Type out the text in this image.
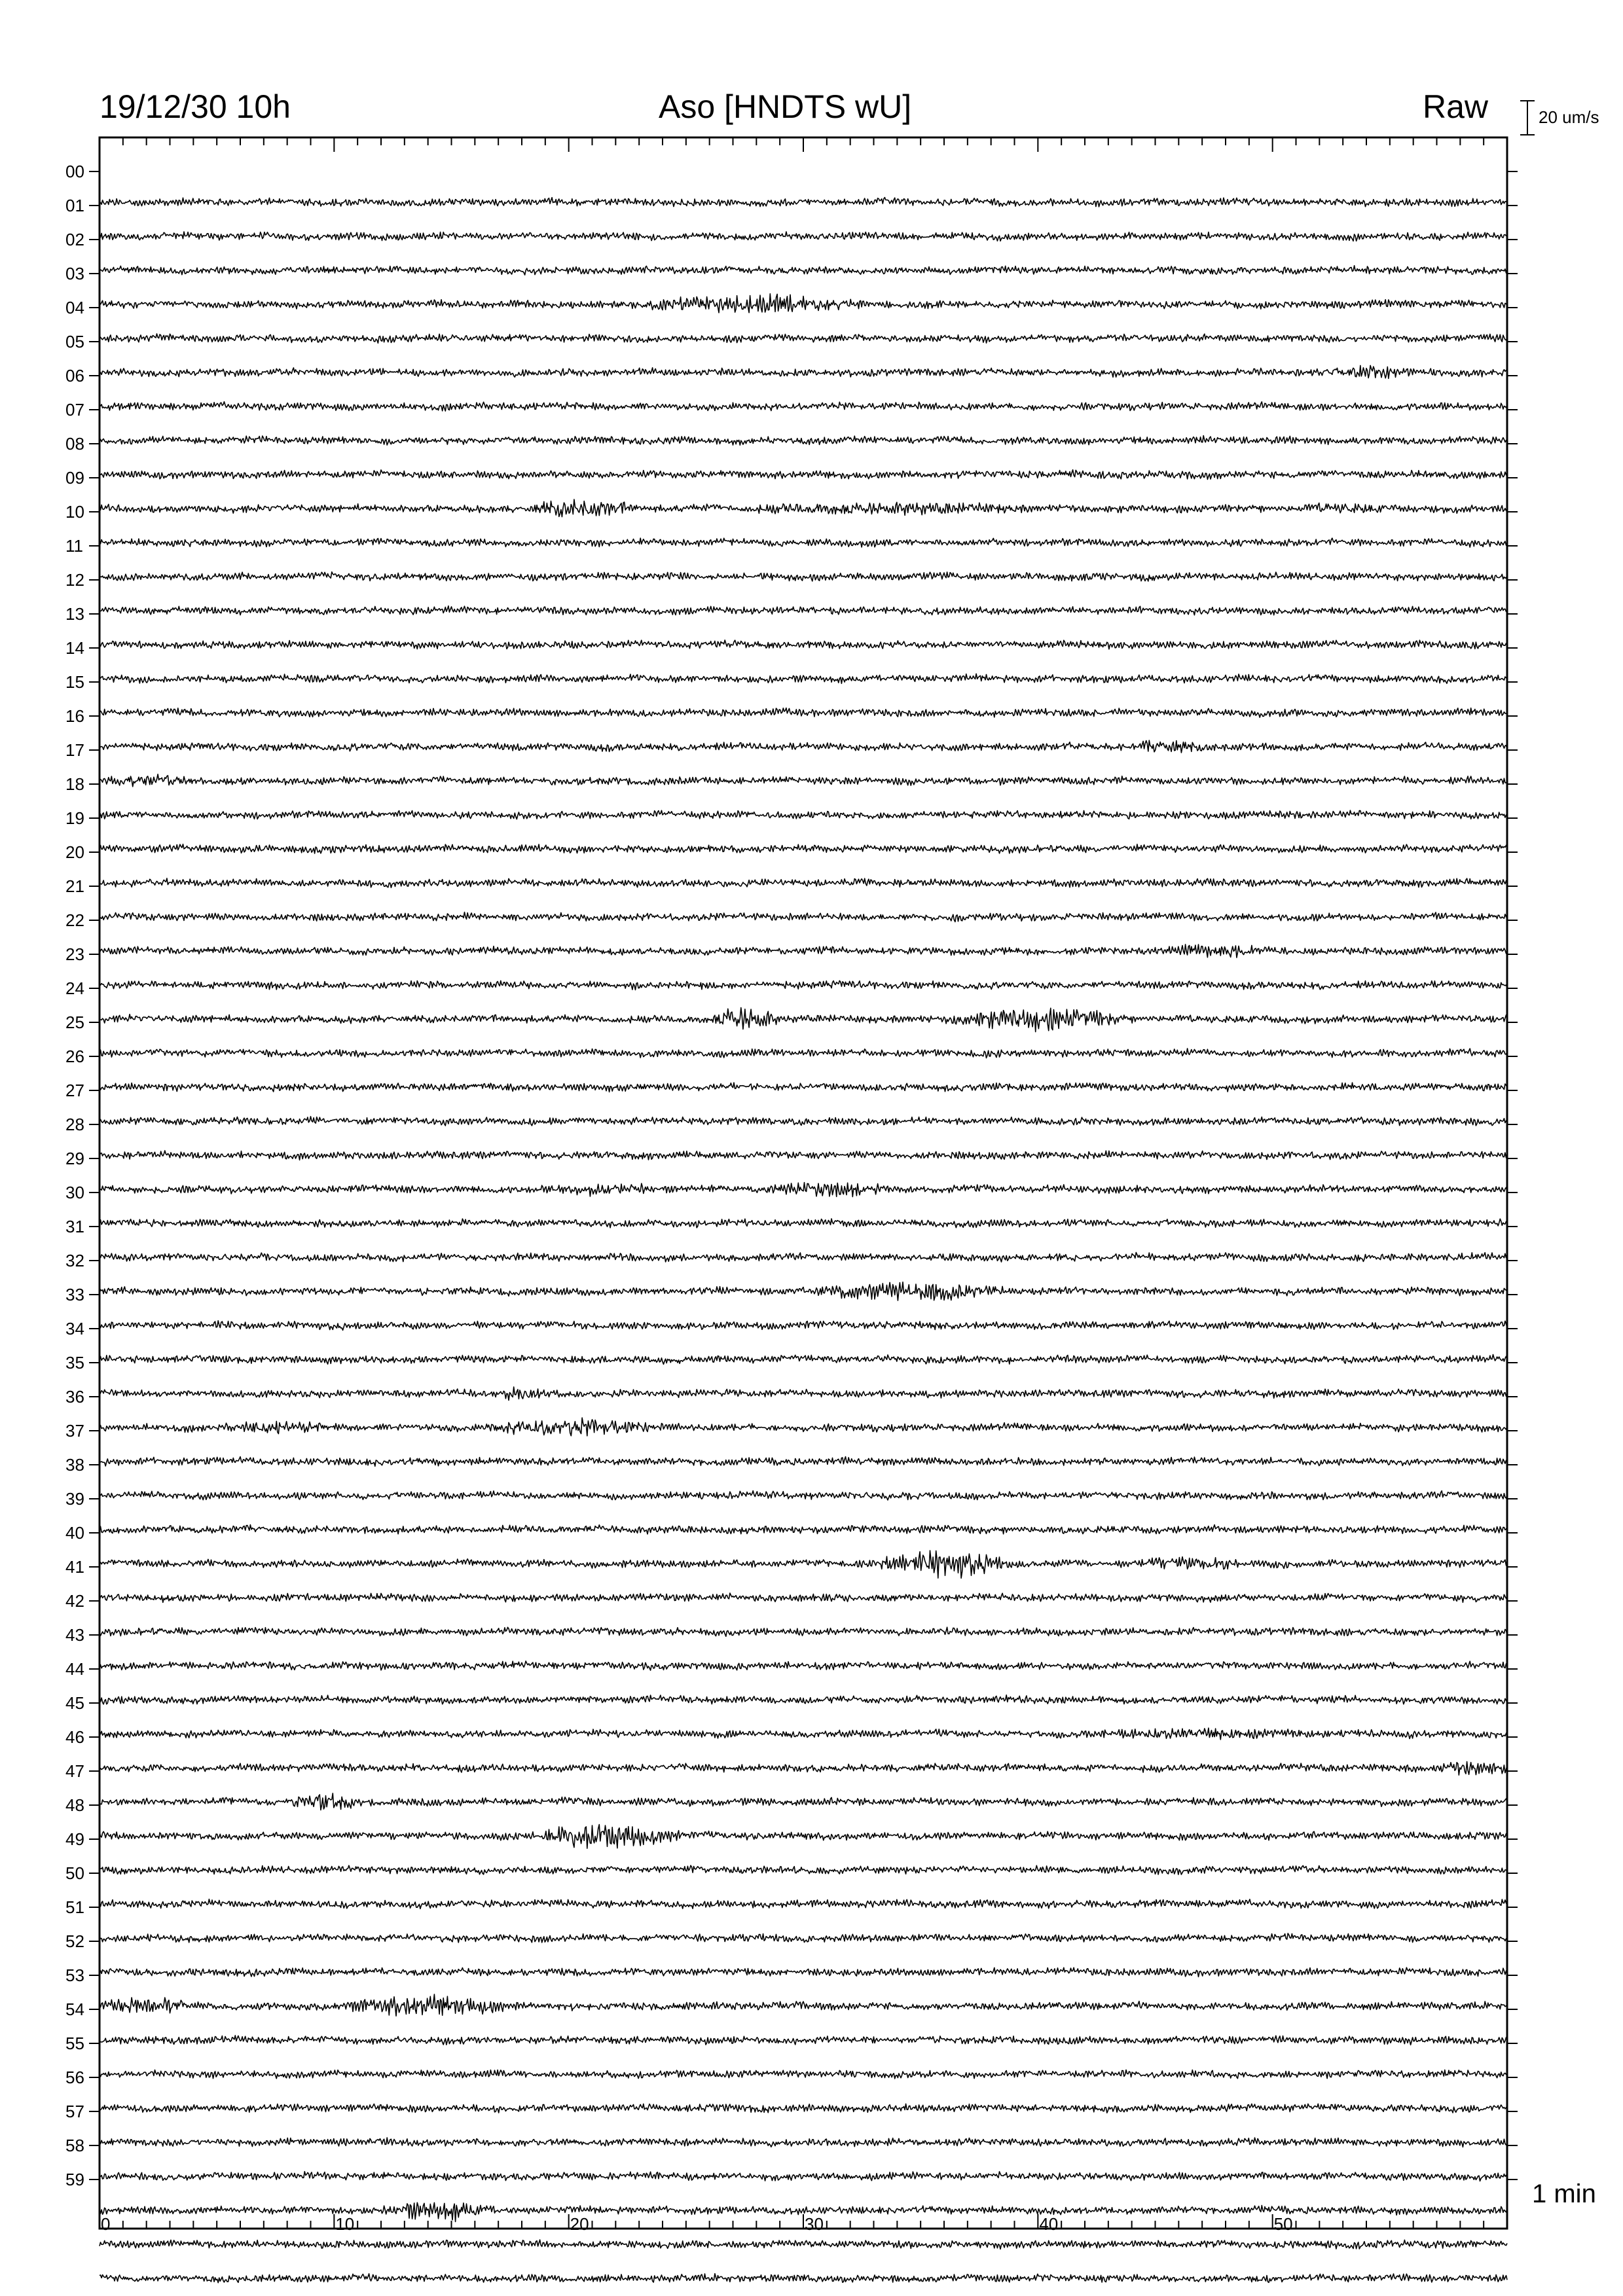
00
01
02
03
04
05
06
07
08
09
10
11
12
13
14
15
16
17
18
19
20
21
22
23
24
25
26
27
28
29
30
31
32
33
34
35
36
37
38
39
40
41
42
43
44
45
46
47
48
49
50
51
52
53
54
55
56
57
58
59
0	10	20	30	40	50
19/12/30 10h	Aso [HNDTS wU]	Raw	20 um/s
1 min
